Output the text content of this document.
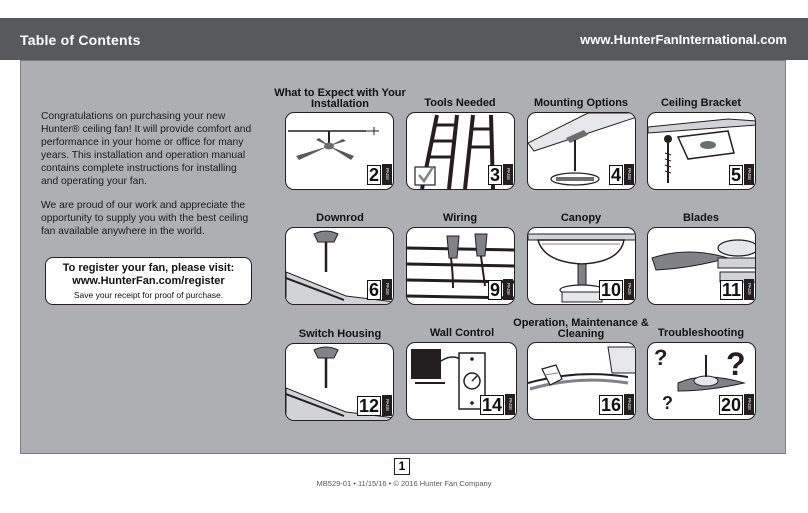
Table of Contents	www.HunterFanInternational.com

Congratulations on purchasing your new Hunter® ceiling fan! It will provide comfort and performance in your home or office for many years. This installation and operation manual contains complete instructions for installing and operating your fan.

We are proud of our work and appreciate the opportunity to supply you with the best ceiling fan available anywhere in the world.

To register your fan, please visit:
www.HunterFan.com/register
Save your receipt for proof of purchase.
What to Expect with Your Installation
2	PAGE
Tools Needed
3	PAGE
Mounting Options
4	PAGE
Ceiling Bracket
5	PAGE
Downrod
6	PAGE
Wiring
9	PAGE
Canopy
10	PAGE
Blades
11	PAGE
Switch Housing
12	PAGE
Wall Control
14	PAGE
Operation, Maintenance & Cleaning
16	PAGE
Troubleshooting
? ?
?	20	PAGE
1
MB529-01 • 11/15/16 • © 2016 Hunter Fan Company
